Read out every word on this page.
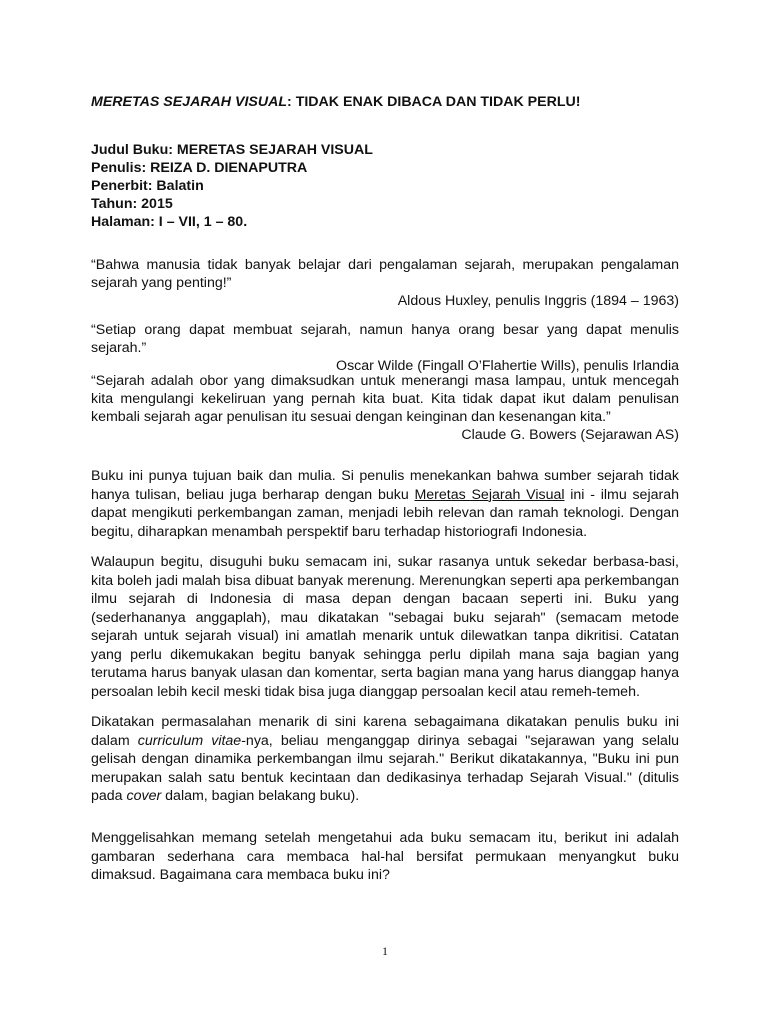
MERETAS SEJARAH VISUAL: TIDAK ENAK DIBACA DAN TIDAK PERLU!
Judul Buku: MERETAS SEJARAH VISUAL
Penulis: REIZA D. DIENAPUTRA
Penerbit: Balatin
Tahun: 2015
Halaman: I – VII, 1 – 80.
“Bahwa manusia tidak banyak belajar dari pengalaman sejarah, merupakan pengalaman sejarah yang penting!”
Aldous Huxley, penulis Inggris (1894 – 1963)
“Setiap orang dapat membuat sejarah, namun hanya orang besar yang dapat menulis sejarah.”
Oscar Wilde (Fingall O’Flahertie Wills), penulis Irlandia
“Sejarah adalah obor yang dimaksudkan untuk menerangi masa lampau, untuk mencegah kita mengulangi kekeliruan yang pernah kita buat. Kita tidak dapat ikut dalam penulisan kembali sejarah agar penulisan itu sesuai dengan keinginan dan kesenangan kita.”
Claude G. Bowers (Sejarawan AS)

Buku ini punya tujuan baik dan mulia. Si penulis menekankan bahwa sumber sejarah tidak hanya tulisan, beliau juga berharap dengan buku Meretas Sejarah Visual ini - ilmu sejarah dapat mengikuti perkembangan zaman, menjadi lebih relevan dan ramah teknologi. Dengan begitu, diharapkan menambah perspektif baru terhadap historiografi Indonesia.

Walaupun begitu, disuguhi buku semacam ini, sukar rasanya untuk sekedar berbasa-basi, kita boleh jadi malah bisa dibuat banyak merenung. Merenungkan seperti apa perkembangan ilmu sejarah di Indonesia di masa depan dengan bacaan seperti ini. Buku yang (sederhananya anggaplah), mau dikatakan "sebagai buku sejarah" (semacam metode sejarah untuk sejarah visual) ini amatlah menarik untuk dilewatkan tanpa dikritisi. Catatan yang perlu dikemukakan begitu banyak sehingga perlu dipilah mana saja bagian yang terutama harus banyak ulasan dan komentar, serta bagian mana yang harus dianggap hanya persoalan lebih kecil meski tidak bisa juga dianggap persoalan kecil atau remeh-temeh.

Dikatakan permasalahan menarik di sini karena sebagaimana dikatakan penulis buku ini dalam curriculum vitae-nya, beliau menganggap dirinya sebagai "sejarawan yang selalu gelisah dengan dinamika perkembangan ilmu sejarah." Berikut dikatakannya, "Buku ini pun merupakan salah satu bentuk kecintaan dan dedikasinya terhadap Sejarah Visual." (ditulis pada cover dalam, bagian belakang buku).

Menggelisahkan memang setelah mengetahui ada buku semacam itu, berikut ini adalah gambaran sederhana cara membaca hal-hal bersifat permukaan menyangkut buku dimaksud. Bagaimana cara membaca buku ini?

1
